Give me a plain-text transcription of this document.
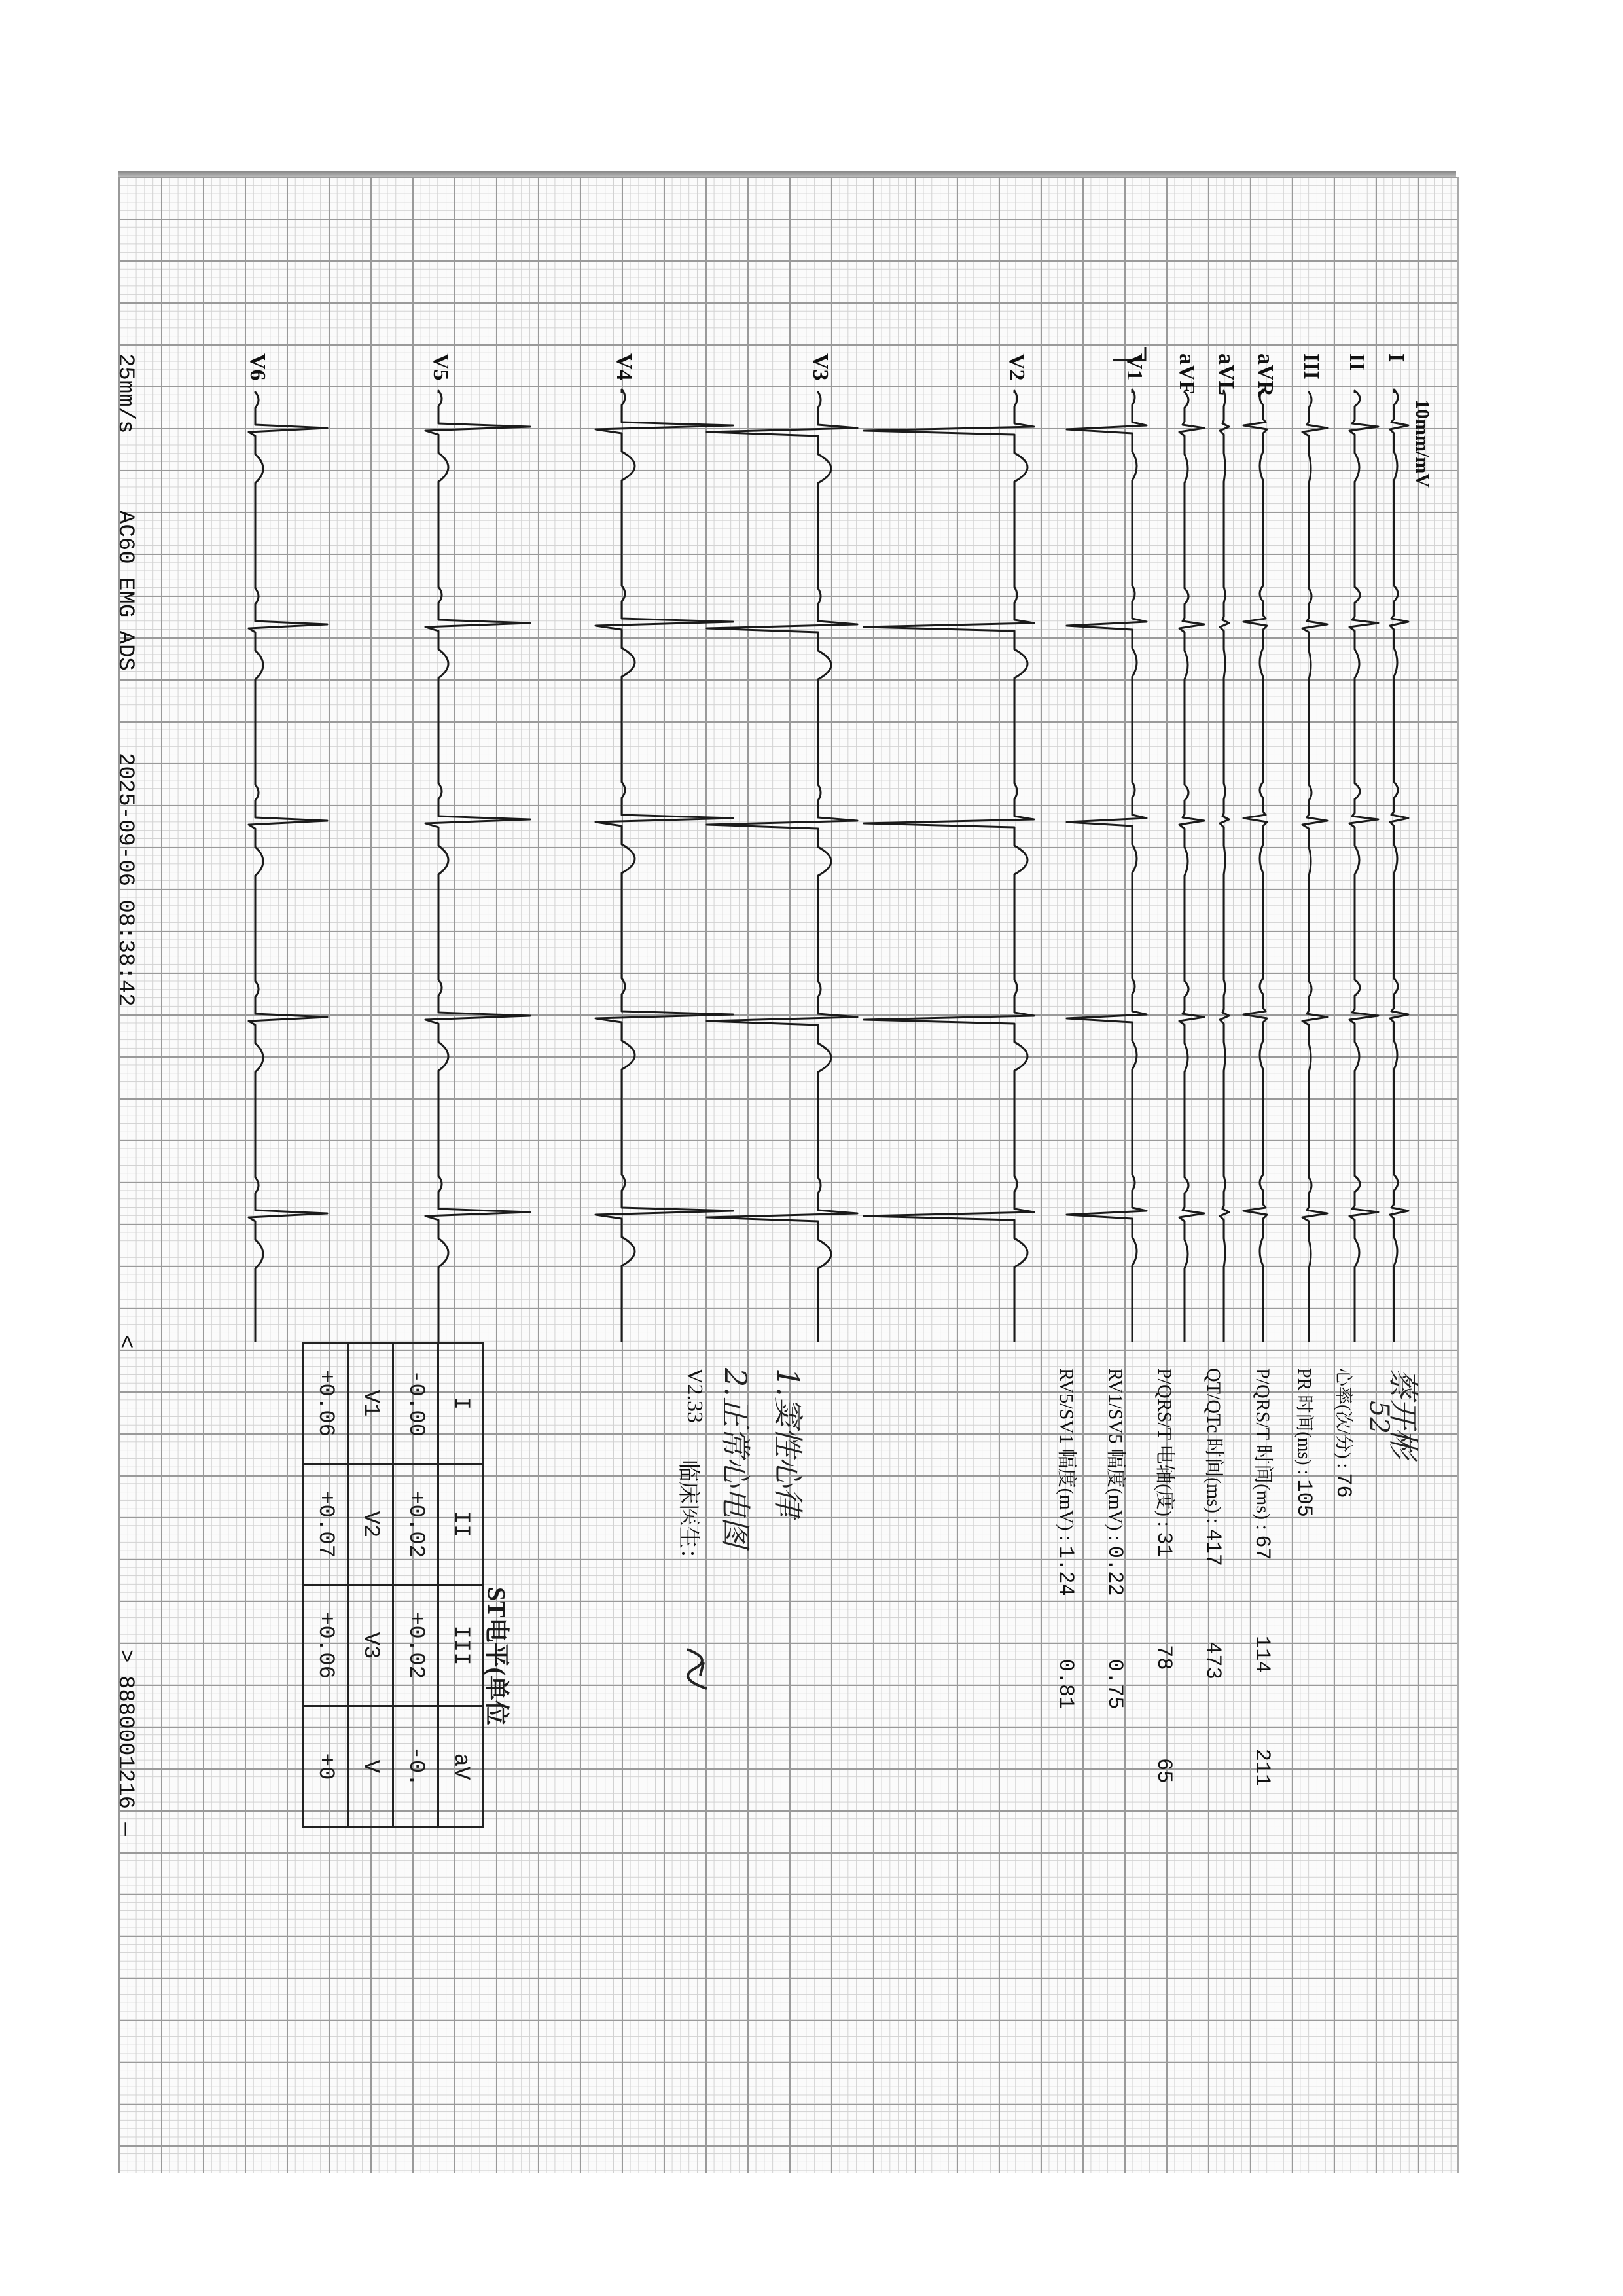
10mm/mV
I
II
III
aVR
aVL
aVF
V1
V2
V3
V4
V5
V6
蔡开彬
52
心率(次/分) : 76
PR 时间(ms) : 105
P/QRS/T 时间(ms) : 67      114      211
QT/QTc 时间(ms) : 417      473
P/QRS/T 电轴(度) : 31       78       65
RV1/SV5 幅度(mV) : 0.22     0.75
RV5/SV1 幅度(mV) : 1.24     0.81
1.窦性心律
2.正常心电图
V2.33
临床医生：
ST电平(单位
I	II	III	aV
-0.00	+0.02	+0.02	-0.
V1	V2	V3	V
+0.06	+0.07	+0.06	+0
25mm/s
AC60 EMG ADS
2025-09-06 08:38:42
<
>
8880001216 —
